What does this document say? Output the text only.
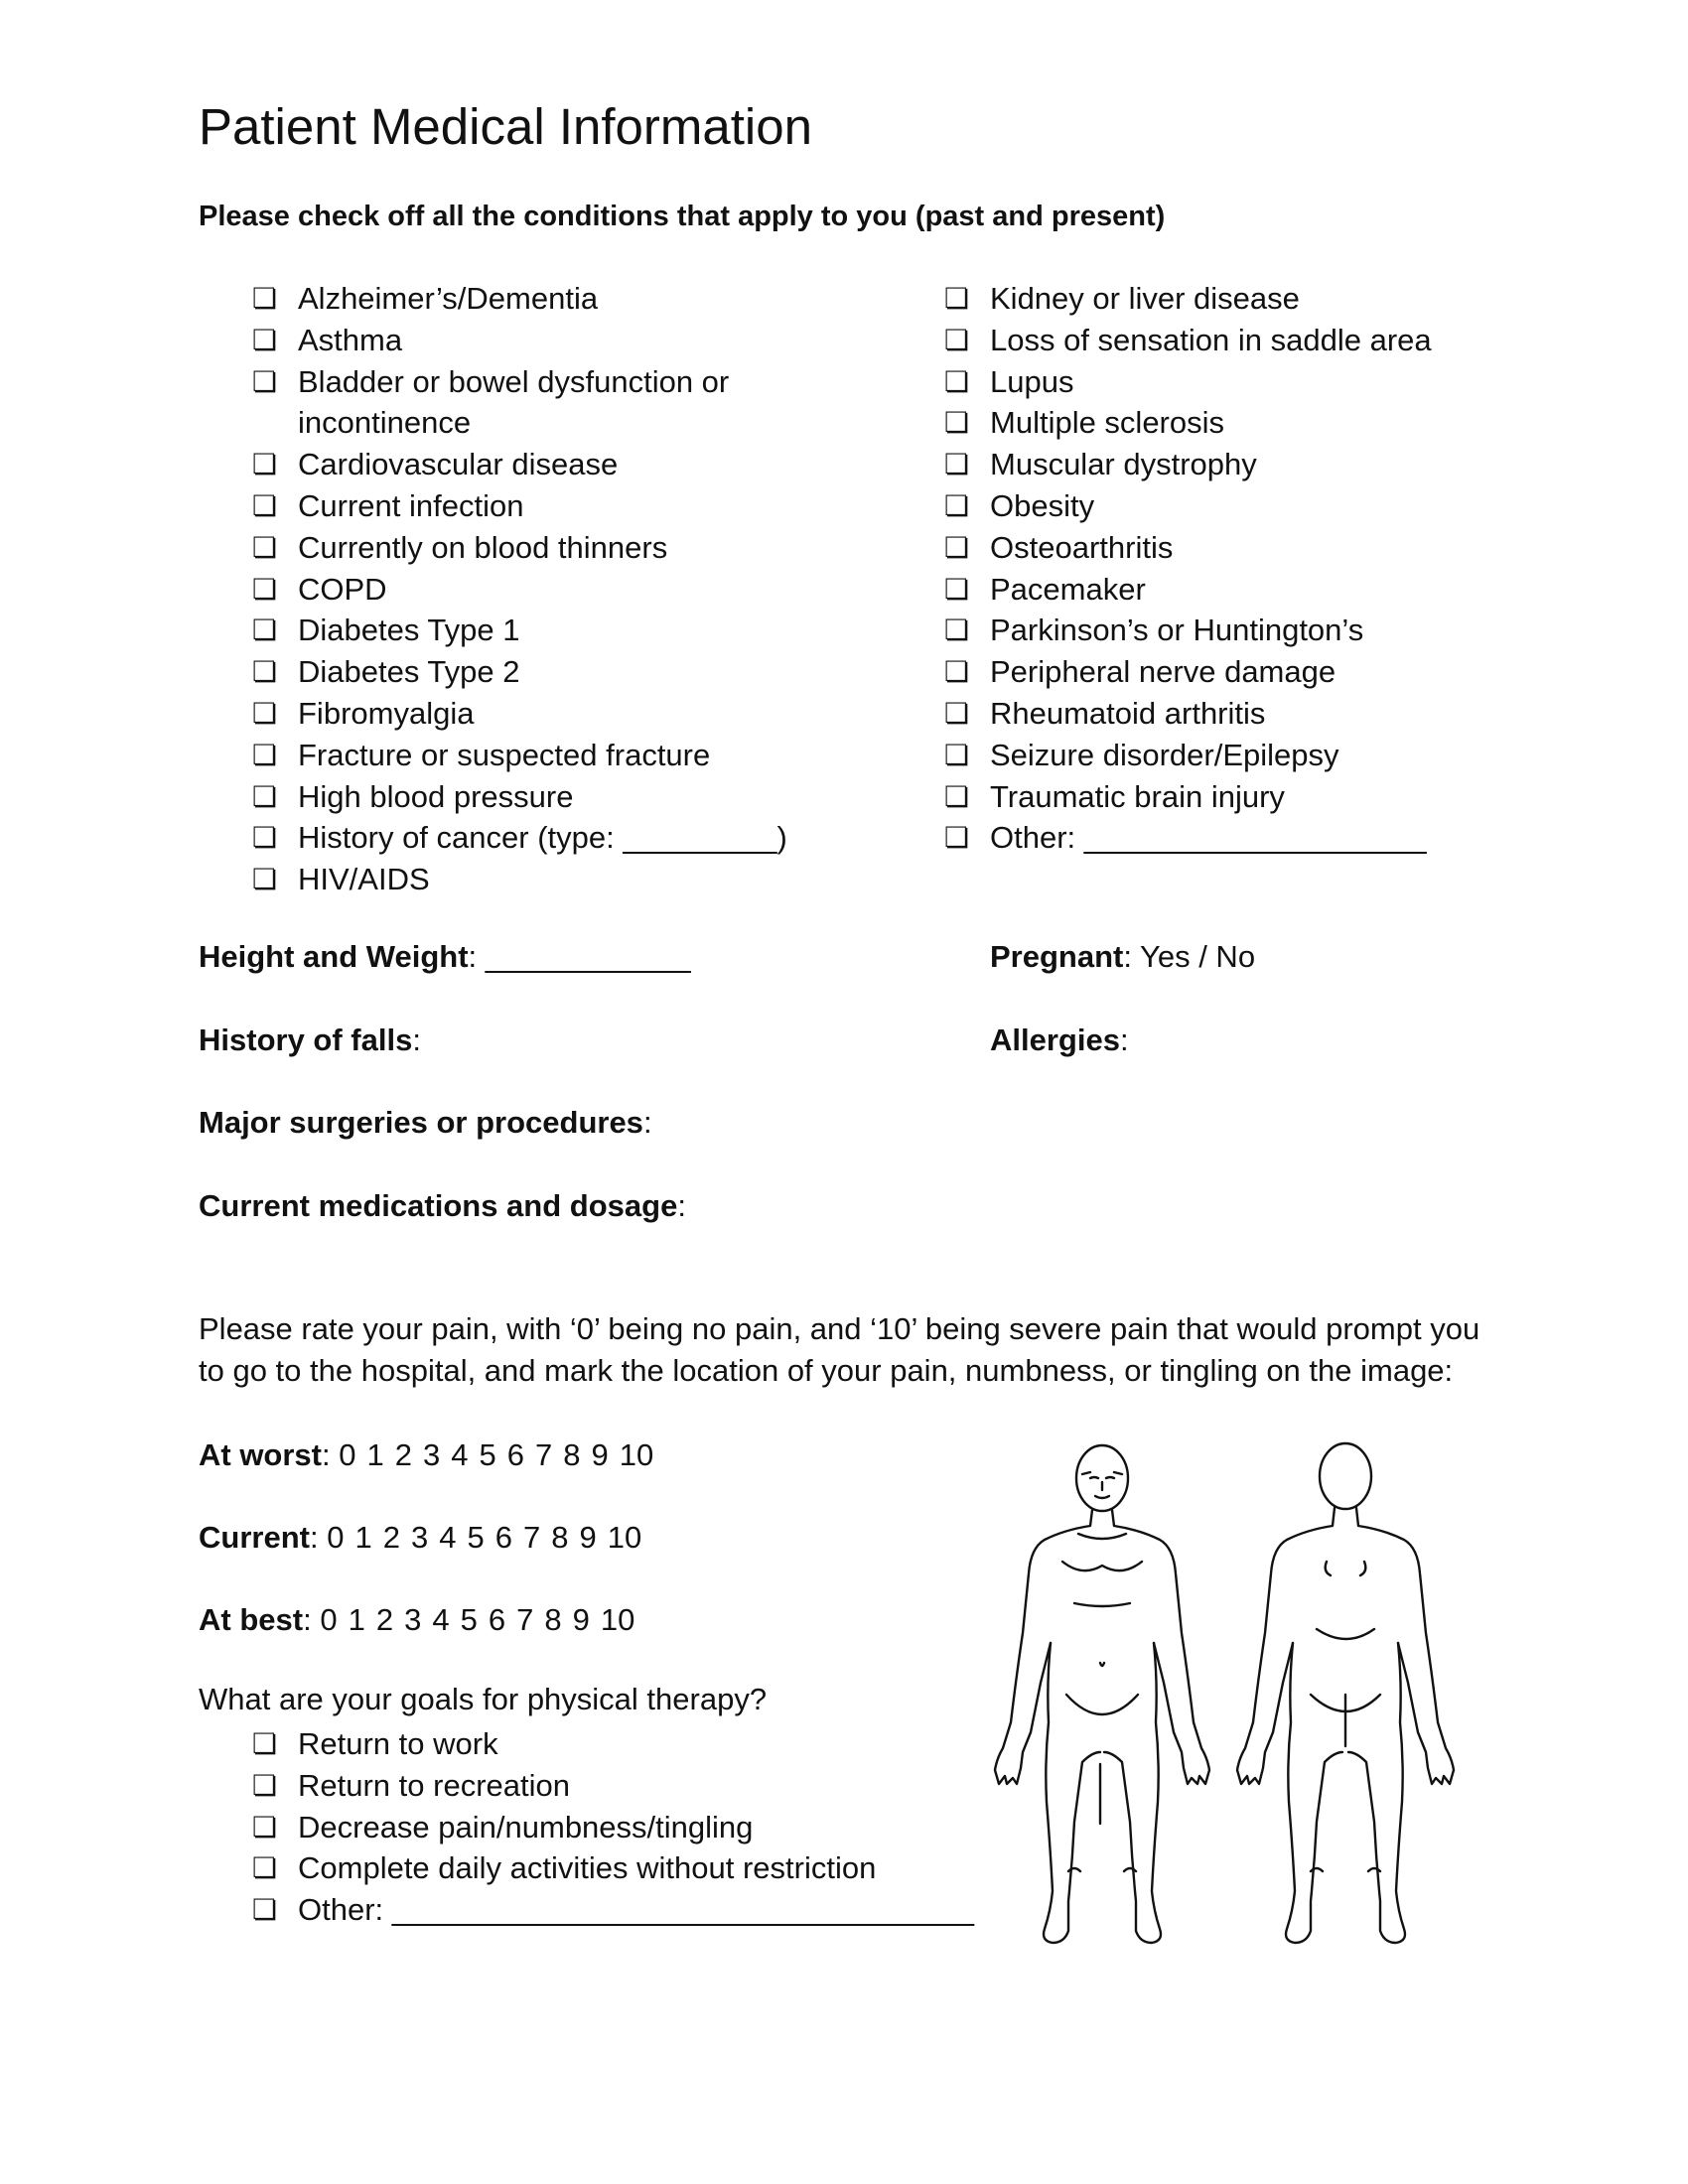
Patient Medical Information
Please check off all the conditions that apply to you (past and present)
❏ Alzheimer’s/Dementia
❏ Asthma
❏ Bladder or bowel dysfunction or incontinence
❏ Cardiovascular disease
❏ Current infection
❏ Currently on blood thinners
❏ COPD
❏ Diabetes Type 1
❏ Diabetes Type 2
❏ Fibromyalgia
❏ Fracture or suspected fracture
❏ High blood pressure
❏ History of cancer (type: _________)
❏ HIV/AIDS
❏ Kidney or liver disease
❏ Loss of sensation in saddle area
❏ Lupus
❏ Multiple sclerosis
❏ Muscular dystrophy
❏ Obesity
❏ Osteoarthritis
❏ Pacemaker
❏ Parkinson’s or Huntington’s
❏ Peripheral nerve damage
❏ Rheumatoid arthritis
❏ Seizure disorder/Epilepsy
❏ Traumatic brain injury
❏ Other: ____________________
Height and Weight: ____________	Pregnant: Yes / No
History of falls:	Allergies:
Major surgeries or procedures:
Current medications and dosage:
Please rate your pain, with ‘0’ being no pain, and ‘10’ being severe pain that would prompt you to go to the hospital, and mark the location of your pain, numbness, or tingling on the image:
At worst: 0 1 2 3 4 5 6 7 8 9 10
Current: 0 1 2 3 4 5 6 7 8 9 10
At best: 0 1 2 3 4 5 6 7 8 9 10
What are your goals for physical therapy?
❏ Return to work
❏ Return to recreation
❏ Decrease pain/numbness/tingling
❏ Complete daily activities without restriction
❏ Other: __________________________________
